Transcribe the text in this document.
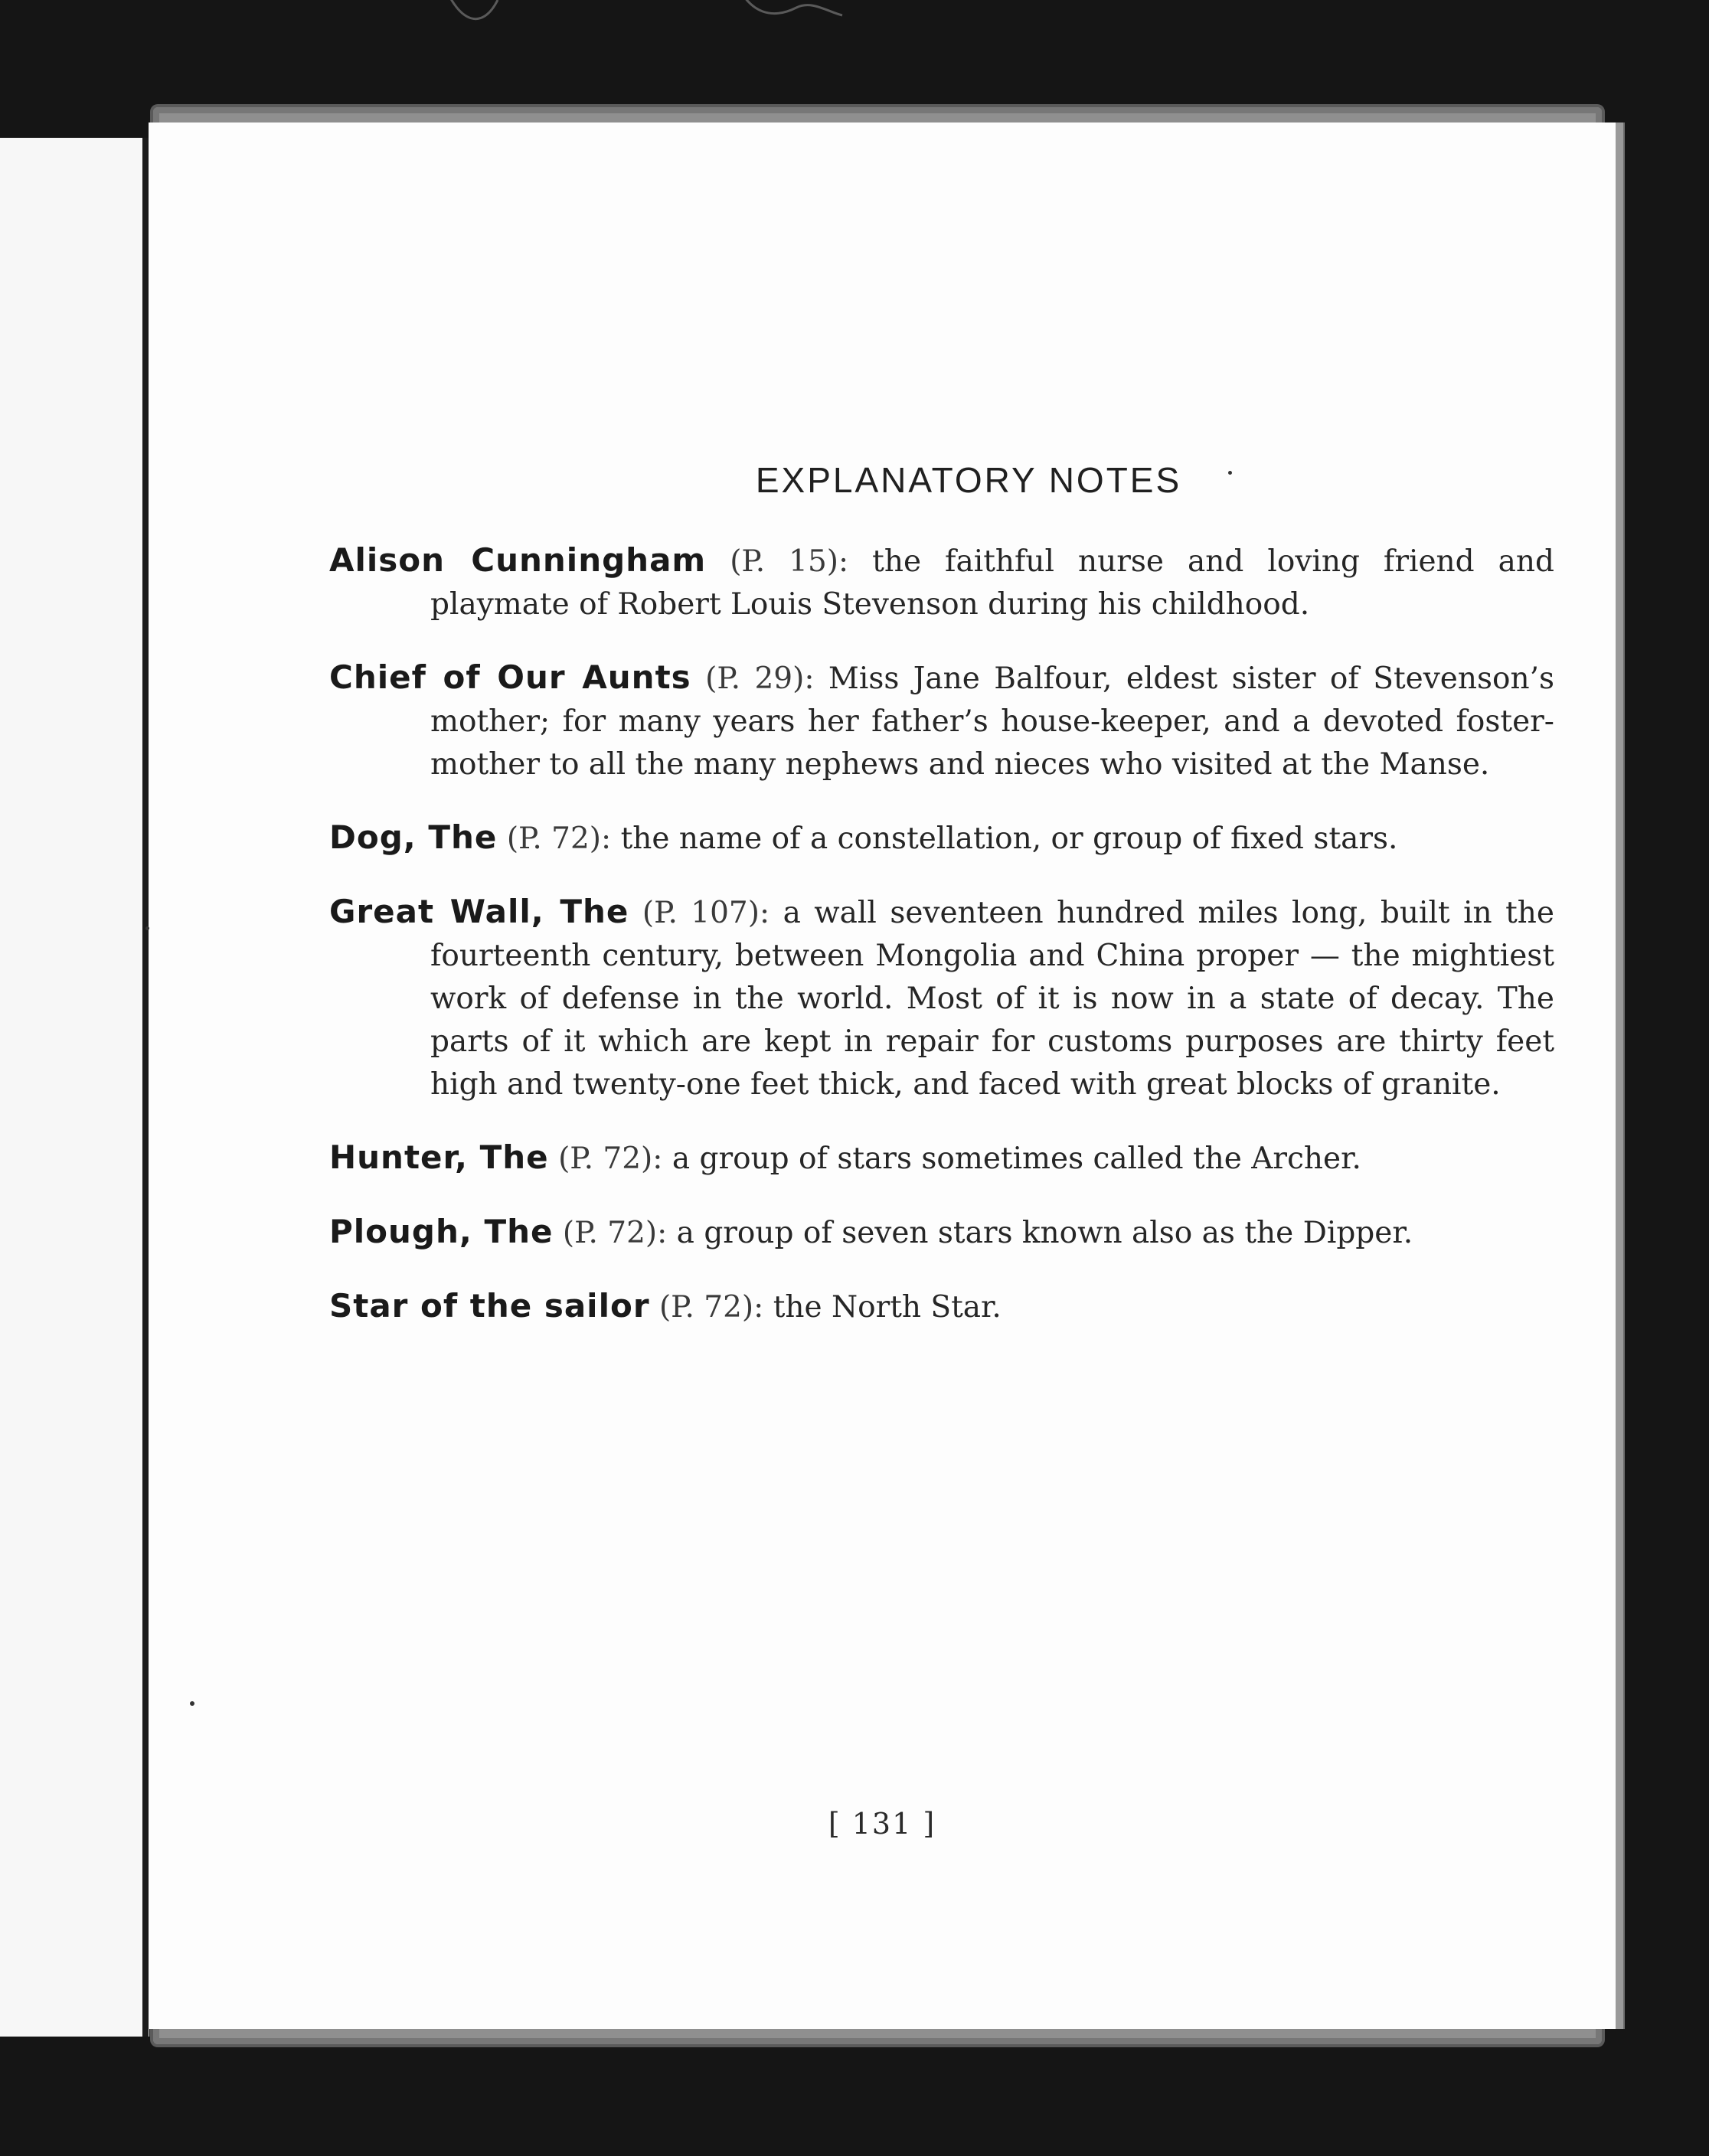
EXPLANATORY NOTES

Alison Cunningham (P. 15): the faithful nurse and loving friend and playmate of Robert Louis Stevenson during his childhood.

Chief of Our Aunts (P. 29): Miss Jane Balfour, eldest sister of Stevenson’s mother; for many years her father’s house-keeper, and a devoted foster-mother to all the many nephews and nieces who visited at the Manse.

Dog, The (P. 72): the name of a constellation, or group of fixed stars.

Great Wall, The (P. 107): a wall seventeen hundred miles long, built in the fourteenth century, between Mongolia and China proper — the mightiest work of defense in the world. Most of it is now in a state of decay. The parts of it which are kept in repair for customs purposes are thirty feet high and twenty-one feet thick, and faced with great blocks of granite.

Hunter, The (P. 72): a group of stars sometimes called the Archer.

Plough, The (P. 72): a group of seven stars known also as the Dipper.

Star of the sailor (P. 72): the North Star.

[ 131 ]
